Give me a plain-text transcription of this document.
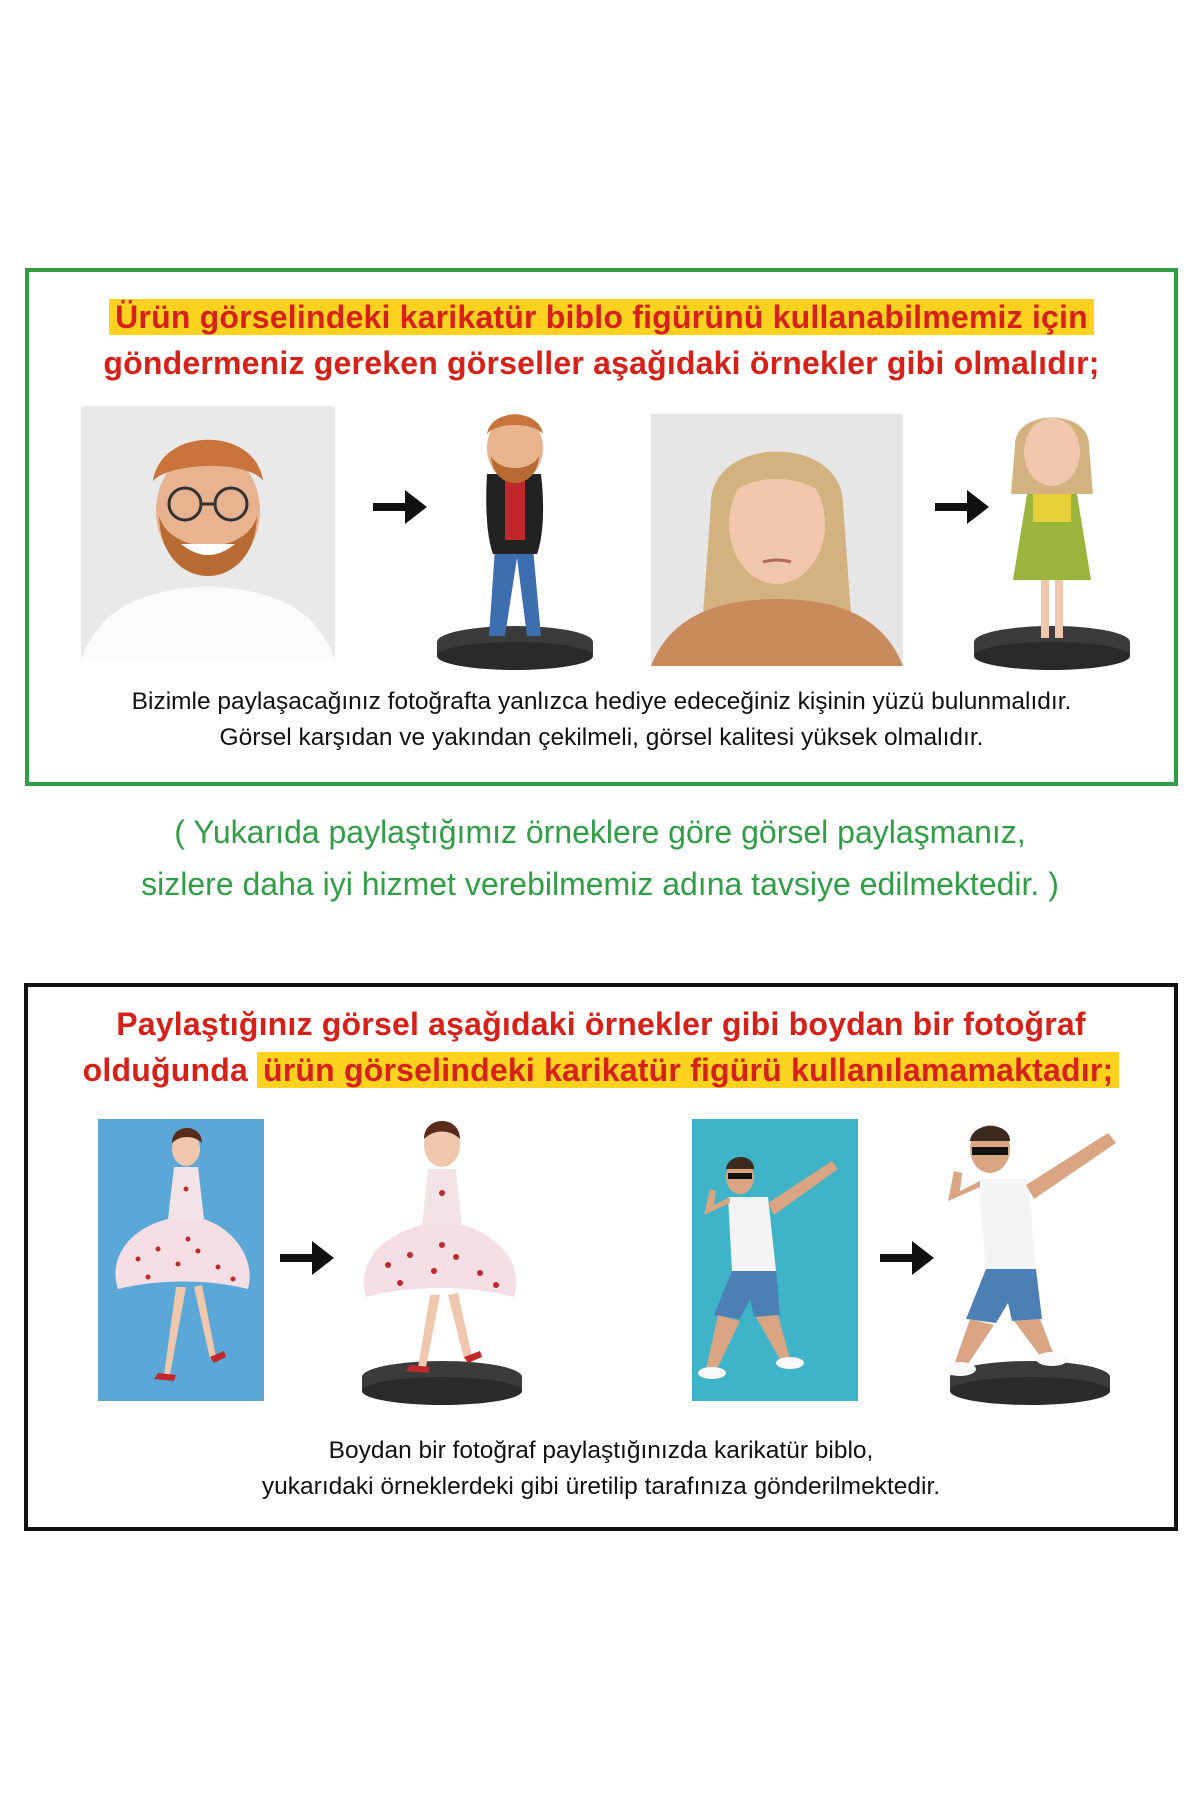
Ürün görselindeki karikatür biblo figürünü kullanabilmemiz için
göndermeniz gereken görseller aşağıdaki örnekler gibi olmalıdır;
Bizimle paylaşacağınız fotoğrafta yanlızca hediye edeceğiniz kişinin yüzü bulunmalıdır.
Görsel karşıdan ve yakından çekilmeli, görsel kalitesi yüksek olmalıdır.
( Yukarıda paylaştığımız örneklere göre görsel paylaşmanız,
sizlere daha iyi hizmet verebilmemiz adına tavsiye edilmektedir. )
Paylaştığınız görsel aşağıdaki örnekler gibi boydan bir fotoğraf
olduğunda ürün görselindeki karikatür figürü kullanılamamaktadır;
Boydan bir fotoğraf paylaştığınızda karikatür biblo,
yukarıdaki örneklerdeki gibi üretilip tarafınıza gönderilmektedir.
